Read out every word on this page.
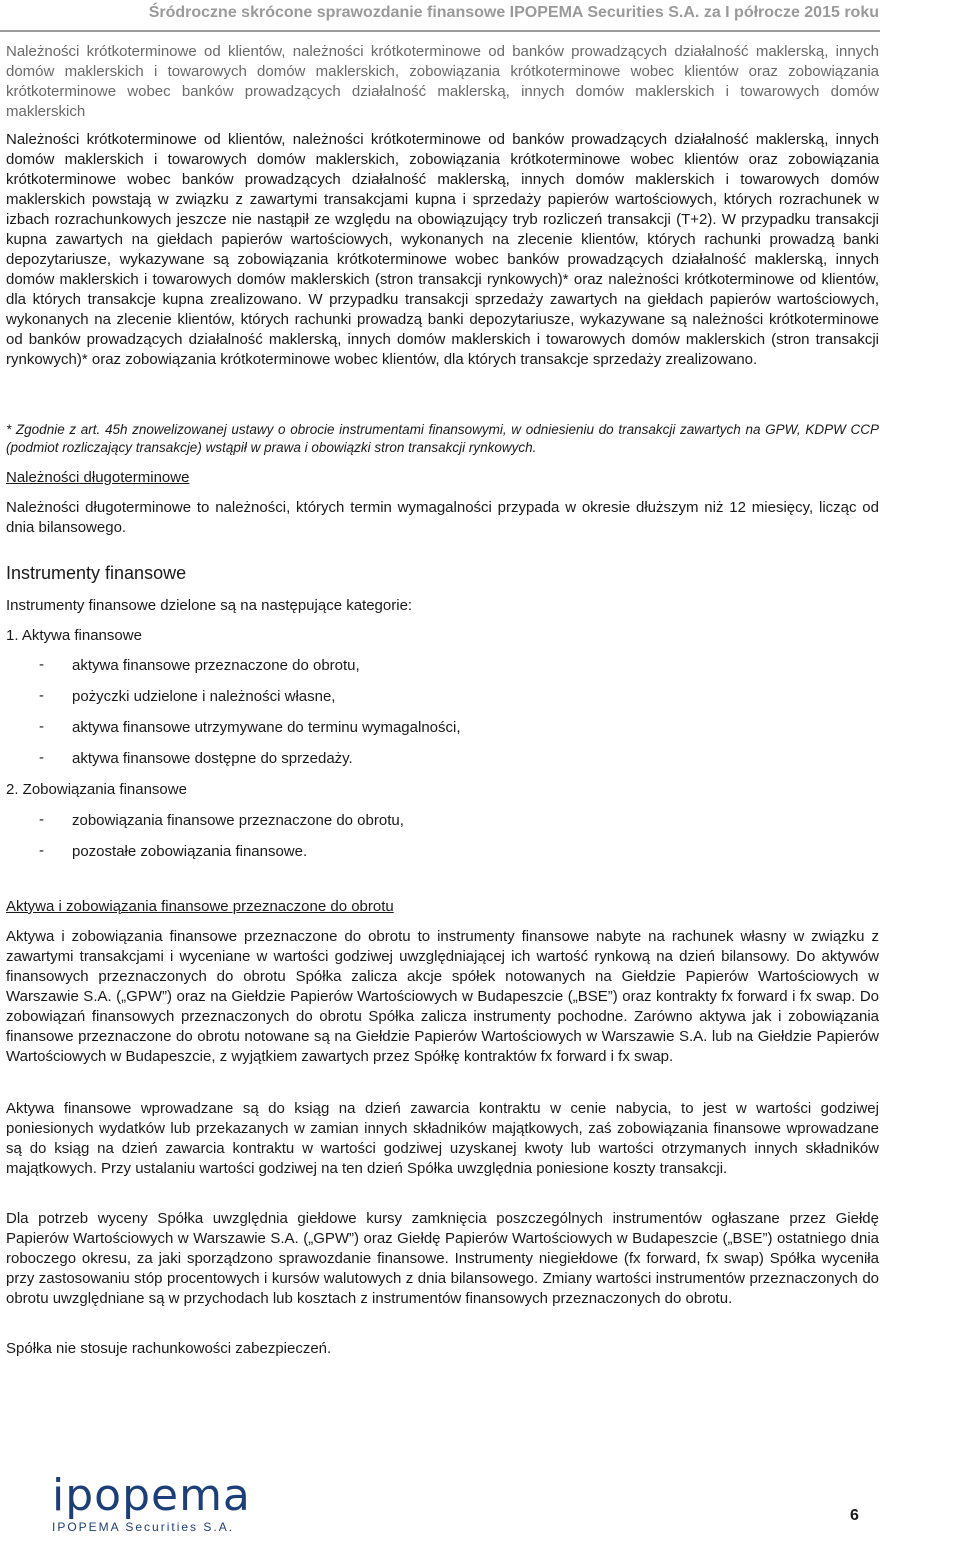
Śródroczne skrócone sprawozdanie finansowe IPOPEMA Securities S.A. za I półrocze 2015 roku

Należności krótkoterminowe od klientów, należności krótkoterminowe od banków prowadzących działalność maklerską, innych domów maklerskich i towarowych domów maklerskich, zobowiązania krótkoterminowe wobec klientów oraz zobowiązania krótkoterminowe wobec banków prowadzących działalność maklerską, innych domów maklerskich i towarowych domów maklerskich

Należności krótkoterminowe od klientów, należności krótkoterminowe od banków prowadzących działalność maklerską, innych domów maklerskich i towarowych domów maklerskich, zobowiązania krótkoterminowe wobec klientów oraz zobowiązania krótkoterminowe wobec banków prowadzących działalność maklerską, innych domów maklerskich i towarowych domów maklerskich powstają w związku z zawartymi transakcjami kupna i sprzedaży papierów wartościowych, których rozrachunek w izbach rozrachunkowych jeszcze nie nastąpił ze względu na obowiązujący tryb rozliczeń transakcji (T+2). W przypadku transakcji kupna zawartych na giełdach papierów wartościowych, wykonanych na zlecenie klientów, których rachunki prowadzą banki depozytariusze, wykazywane są zobowiązania krótkoterminowe wobec banków prowadzących działalność maklerską, innych domów maklerskich i towarowych domów maklerskich (stron transakcji rynkowych)* oraz należności krótkoterminowe od klientów, dla których transakcje kupna zrealizowano. W przypadku transakcji sprzedaży zawartych na giełdach papierów wartościowych, wykonanych na zlecenie klientów, których rachunki prowadzą banki depozytariusze, wykazywane są należności krótkoterminowe od banków prowadzących działalność maklerską, innych domów maklerskich i towarowych domów maklerskich (stron transakcji rynkowych)* oraz zobowiązania krótkoterminowe wobec klientów, dla których transakcje sprzedaży zrealizowano.

* Zgodnie z art. 45h znowelizowanej ustawy o obrocie instrumentami finansowymi, w odniesieniu do transakcji zawartych na GPW, KDPW CCP (podmiot rozliczający transakcje) wstąpił w prawa i obowiązki stron transakcji rynkowych.

Należności długoterminowe

Należności długoterminowe to należności, których termin wymagalności przypada w okresie dłuższym niż 12 miesięcy, licząc od dnia bilansowego.

Instrumenty finansowe

Instrumenty finansowe dzielone są na następujące kategorie:

1. Aktywa finansowe
- aktywa finansowe przeznaczone do obrotu,
- pożyczki udzielone i należności własne,
- aktywa finansowe utrzymywane do terminu wymagalności,
- aktywa finansowe dostępne do sprzedaży.
2. Zobowiązania finansowe
- zobowiązania finansowe przeznaczone do obrotu,
- pozostałe zobowiązania finansowe.

Aktywa i zobowiązania finansowe przeznaczone do obrotu

Aktywa i zobowiązania finansowe przeznaczone do obrotu to instrumenty finansowe nabyte na rachunek własny w związku z zawartymi transakcjami i wyceniane w wartości godziwej uwzględniającej ich wartość rynkową na dzień bilansowy. Do aktywów finansowych przeznaczonych do obrotu Spółka zalicza akcje spółek notowanych na Giełdzie Papierów Wartościowych w Warszawie S.A. („GPW”) oraz na Giełdzie Papierów Wartościowych w Budapeszcie („BSE”) oraz kontrakty fx forward i fx swap. Do zobowiązań finansowych przeznaczonych do obrotu Spółka zalicza instrumenty pochodne. Zarówno aktywa jak i zobowiązania finansowe przeznaczone do obrotu notowane są na Giełdzie Papierów Wartościowych w Warszawie S.A. lub na Giełdzie Papierów Wartościowych w Budapeszcie, z wyjątkiem zawartych przez Spółkę kontraktów fx forward i fx swap.

Aktywa finansowe wprowadzane są do ksiąg na dzień zawarcia kontraktu w cenie nabycia, to jest w wartości godziwej poniesionych wydatków lub przekazanych w zamian innych składników majątkowych, zaś zobowiązania finansowe wprowadzane są do ksiąg na dzień zawarcia kontraktu w wartości godziwej uzyskanej kwoty lub wartości otrzymanych innych składników majątkowych. Przy ustalaniu wartości godziwej na ten dzień Spółka uwzględnia poniesione koszty transakcji.

Dla potrzeb wyceny Spółka uwzględnia giełdowe kursy zamknięcia poszczególnych instrumentów ogłaszane przez Giełdę Papierów Wartościowych w Warszawie S.A. („GPW”) oraz Giełdę Papierów Wartościowych w Budapeszcie („BSE”) ostatniego dnia roboczego okresu, za jaki sporządzono sprawozdanie finansowe. Instrumenty niegiełdowe (fx forward, fx swap) Spółka wyceniła przy zastosowaniu stóp procentowych i kursów walutowych z dnia bilansowego. Zmiany wartości instrumentów przeznaczonych do obrotu uwzględniane są w przychodach lub kosztach z instrumentów finansowych przeznaczonych do obrotu.

Spółka nie stosuje rachunkowości zabezpieczeń.

ipopema
IPOPEMA Securities S.A.
6
